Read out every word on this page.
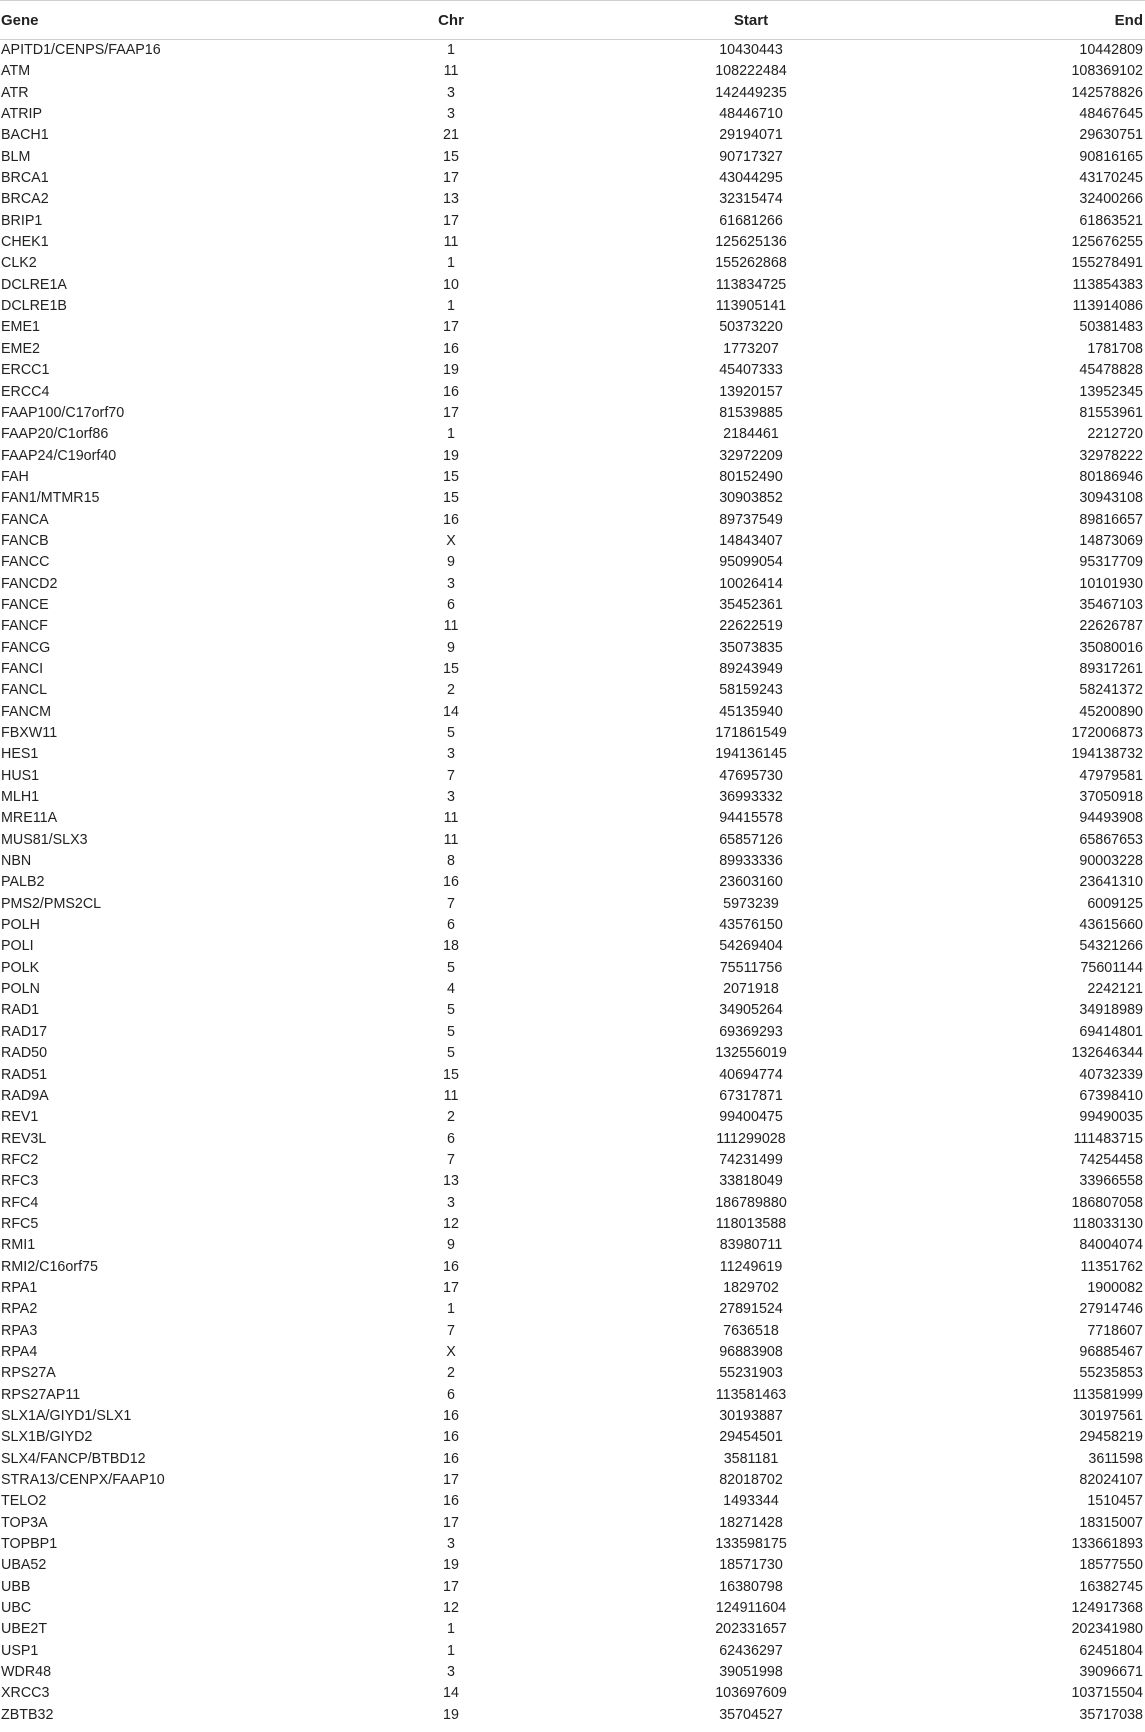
Gene	Chr	Start	End
APITD1/CENPS/FAAP16	1	10430443	10442809
ATM	11	108222484	108369102
ATR	3	142449235	142578826
ATRIP	3	48446710	48467645
BACH1	21	29194071	29630751
BLM	15	90717327	90816165
BRCA1	17	43044295	43170245
BRCA2	13	32315474	32400266
BRIP1	17	61681266	61863521
CHEK1	11	125625136	125676255
CLK2	1	155262868	155278491
DCLRE1A	10	113834725	113854383
DCLRE1B	1	113905141	113914086
EME1	17	50373220	50381483
EME2	16	1773207	1781708
ERCC1	19	45407333	45478828
ERCC4	16	13920157	13952345
FAAP100/C17orf70	17	81539885	81553961
FAAP20/C1orf86	1	2184461	2212720
FAAP24/C19orf40	19	32972209	32978222
FAH	15	80152490	80186946
FAN1/MTMR15	15	30903852	30943108
FANCA	16	89737549	89816657
FANCB	X	14843407	14873069
FANCC	9	95099054	95317709
FANCD2	3	10026414	10101930
FANCE	6	35452361	35467103
FANCF	11	22622519	22626787
FANCG	9	35073835	35080016
FANCI	15	89243949	89317261
FANCL	2	58159243	58241372
FANCM	14	45135940	45200890
FBXW11	5	171861549	172006873
HES1	3	194136145	194138732
HUS1	7	47695730	47979581
MLH1	3	36993332	37050918
MRE11A	11	94415578	94493908
MUS81/SLX3	11	65857126	65867653
NBN	8	89933336	90003228
PALB2	16	23603160	23641310
PMS2/PMS2CL	7	5973239	6009125
POLH	6	43576150	43615660
POLI	18	54269404	54321266
POLK	5	75511756	75601144
POLN	4	2071918	2242121
RAD1	5	34905264	34918989
RAD17	5	69369293	69414801
RAD50	5	132556019	132646344
RAD51	15	40694774	40732339
RAD9A	11	67317871	67398410
REV1	2	99400475	99490035
REV3L	6	111299028	111483715
RFC2	7	74231499	74254458
RFC3	13	33818049	33966558
RFC4	3	186789880	186807058
RFC5	12	118013588	118033130
RMI1	9	83980711	84004074
RMI2/C16orf75	16	11249619	11351762
RPA1	17	1829702	1900082
RPA2	1	27891524	27914746
RPA3	7	7636518	7718607
RPA4	X	96883908	96885467
RPS27A	2	55231903	55235853
RPS27AP11	6	113581463	113581999
SLX1A/GIYD1/SLX1	16	30193887	30197561
SLX1B/GIYD2	16	29454501	29458219
SLX4/FANCP/BTBD12	16	3581181	3611598
STRA13/CENPX/FAAP10	17	82018702	82024107
TELO2	16	1493344	1510457
TOP3A	17	18271428	18315007
TOPBP1	3	133598175	133661893
UBA52	19	18571730	18577550
UBB	17	16380798	16382745
UBC	12	124911604	124917368
UBE2T	1	202331657	202341980
USP1	1	62436297	62451804
WDR48	3	39051998	39096671
XRCC3	14	103697609	103715504
ZBTB32	19	35704527	35717038
